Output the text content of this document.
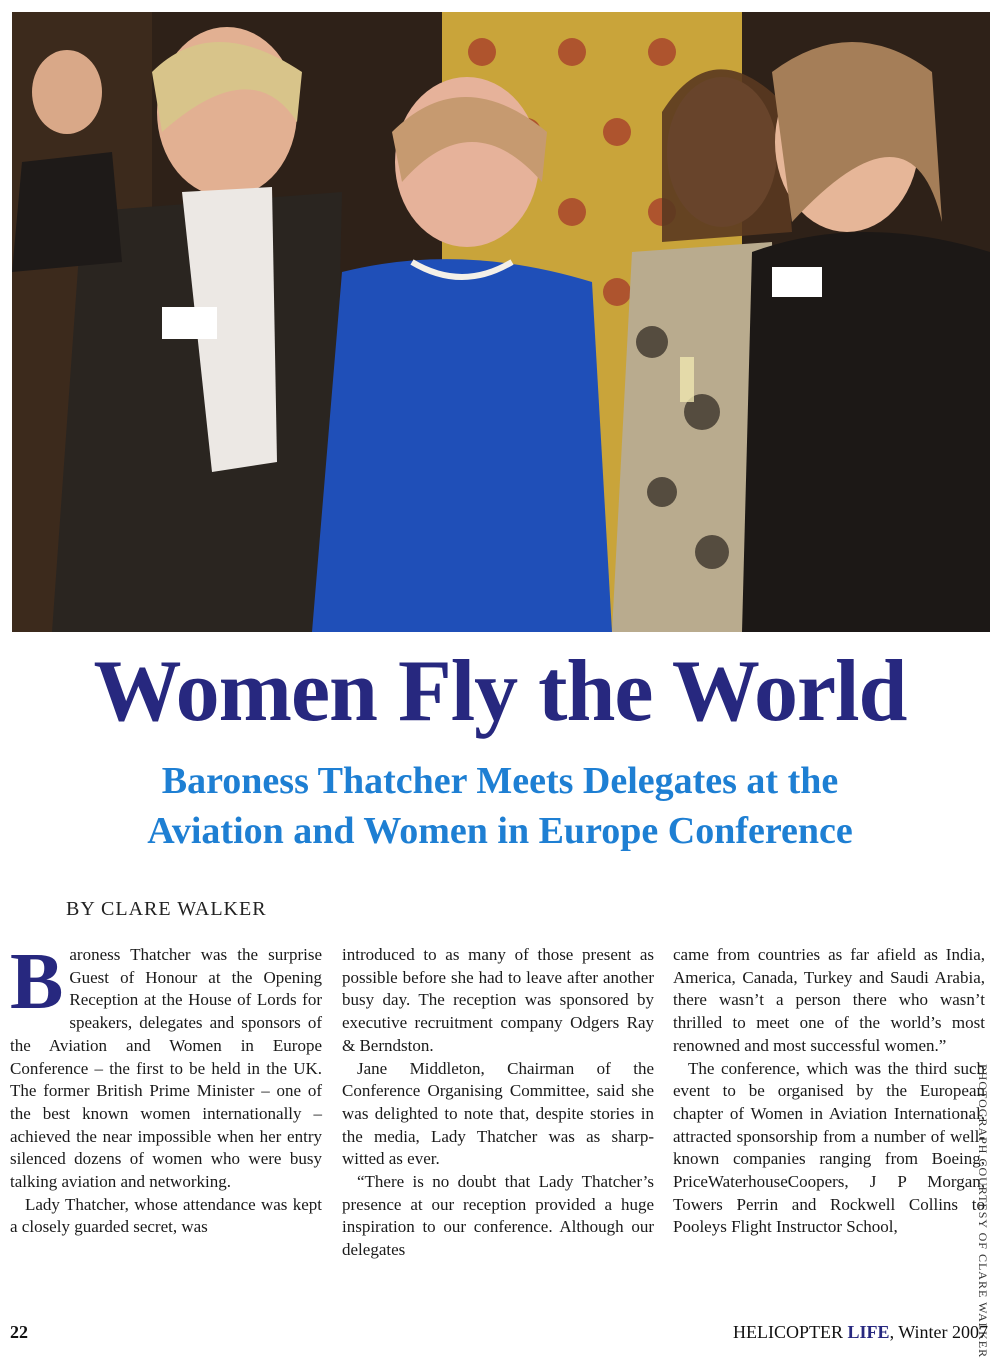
Women Fly the World
Baroness Thatcher Meets Delegates at the
Aviation and Women in Europe Conference
BY CLARE WALKER

Baroness Thatcher was the surprise Guest of Honour at the Opening Reception at the House of Lords for speakers, delegates and sponsors of the Aviation and Women in Europe Conference – the first to be held in the UK. The former British Prime Minister – one of the best known women internationally – achieved the near impossible when her entry silenced dozens of women who were busy talking aviation and networking.

Lady Thatcher, whose attendance was kept a closely guarded secret, was

introduced to as many of those present as possible before she had to leave after another busy day. The reception was sponsored by executive recruitment company Odgers Ray & Berndston.

Jane Middleton, Chairman of the Conference Organising Committee, said she was delighted to note that, despite stories in the media, Lady Thatcher was as sharp-witted as ever.

“There is no doubt that Lady Thatcher’s presence at our reception provided a huge inspiration to our conference. Although our delegates

came from countries as far afield as India, America, Canada, Turkey and Saudi Arabia, there wasn’t a person there who wasn’t thrilled to meet one of the world’s most renowned and most successful women.”

The conference, which was the third such event to be organised by the European chapter of Women in Aviation International, attracted sponsorship from a number of well-known companies ranging from Boeing, PriceWaterhouseCoopers, J P Morgan, Towers Perrin and Rockwell Collins to Pooleys Flight Instructor School,	PHOTOGRAPH COURTESY OF CLARE WALKER
22	HELICOPTER LIFE, Winter 2007
